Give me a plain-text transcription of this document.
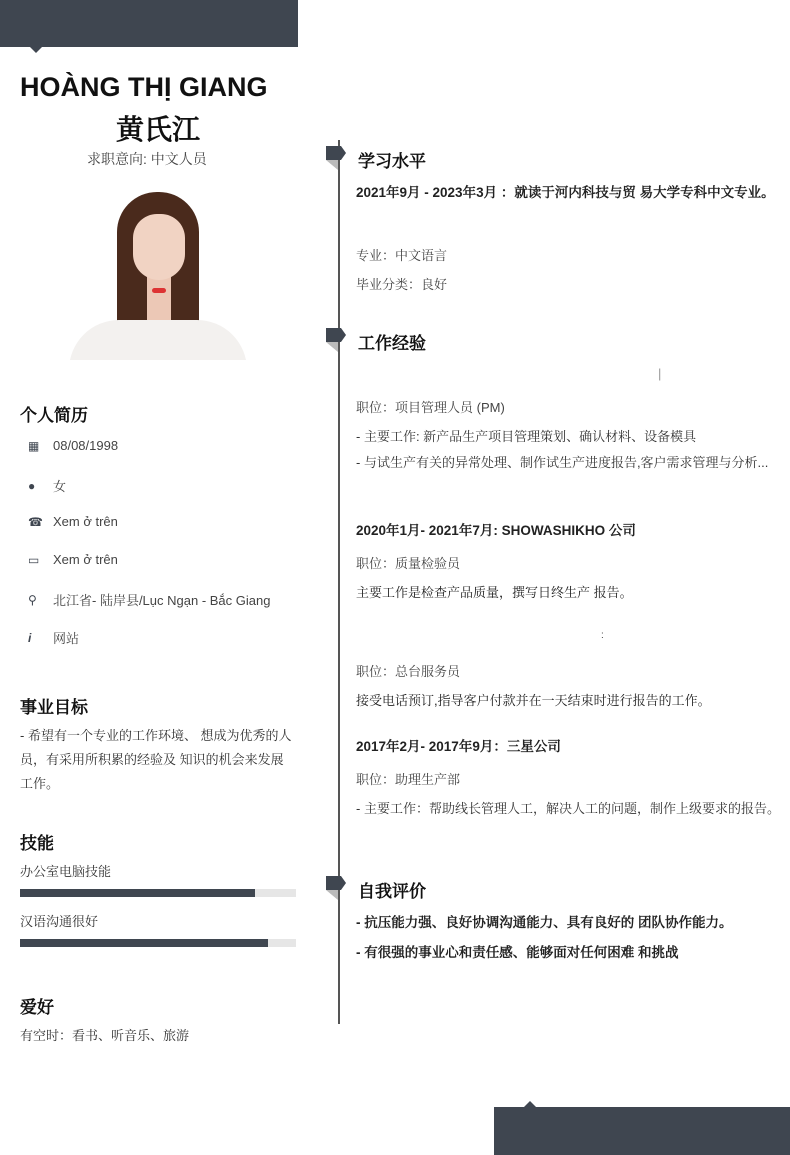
HOÀNG THỊ GIANG
黄氏江
求职意向: 中文人员
个人简历
▦	08/08/1998
●	女
☎ Xem ở trên
▭	Xem ở trên
⚲	北江省- 陆岸县/Lục Ngạn - Bắc Giang
i	网站
事业目标
- 希望有一个专业的工作环境、 想成为优秀的人员，有采用所积累的经验及 知识的机会来发展工作。
技能
办公室电脑技能
汉语沟通很好
爱好
有空时：看书、听音乐、旅游
学习水平
2021年9月 - 2023年3月 ：就读于河内科技与贸 易大学专科中文专业。
专业：中文语言
毕业分类：良好
工作经验
|
职位：项目管理人员 (PM)
- 主要工作: 新产品生产项目管理策划、确认材料、设备模具
- 与试生产有关的异常处理、制作试生产进度报告,客户需求管理与分析...
2020年1月- 2021年7月: SHOWASHIKHO 公司
职位：质量检验员
主要工作是检查产品质量，撰写日终生产 报告。
:
职位：总台服务员
接受电话预订,指导客户付款并在一天结束时进行报告的工作。
2017年2月- 2017年9月：三星公司
职位：助理生产部
- 主要工作：帮助线长管理人工，解决人工的问题，制作上级要求的报告。
自我评价
- 抗压能力强、良好协调沟通能力、具有良好的 团队协作能力。
- 有很强的事业心和责任感、能够面对任何困难 和挑战
